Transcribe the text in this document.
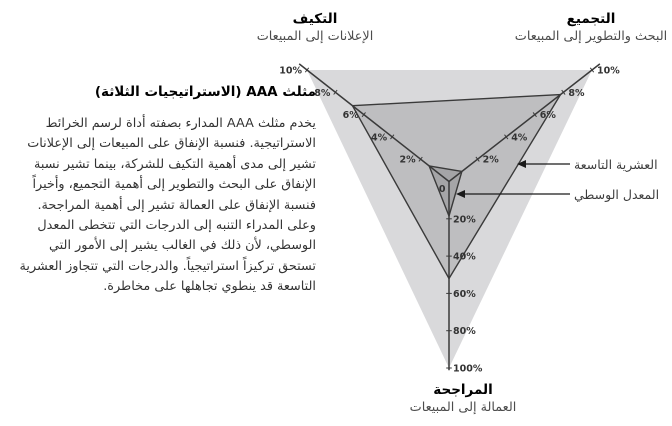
2%
4%
6%
8%
10%
2%
4%
6%
8%
10%
20%
40%
60%
80%
100%
0
مثلث AAA (الاستراتيجيات الثلاثة)
يخدم مثلث AAA المدارء بصفته أداة لرسم الخرائط الاستراتيجية. فنسبة الإنفاق على المبيعات إلى الإعلانات تشير إلى مدى أهمية التكيف للشركة، بينما تشير نسبة الإنفاق على البحث والتطوير إلى أهمية التجميع، وأخيراً فنسبة الإنفاق على العمالة تشير إلى أهمية المراجحة. وعلى المدراء التنبه إلى الدرجات التي تتخطى المعدل الوسطي، لأن ذلك في الغالب يشير إلى الأمور التي تستحق تركيزاً استراتيجياً. والدرجات التي تتجاوز العشرية التاسعة قد ينطوي تجاهلها على مخاطرة.
التكيف
الإعلانات إلى المبيعات
التجميع
البحث والتطوير إلى المبيعات
المراجحة
العمالة إلى المبيعات
العشرية التاسعة
المعدل الوسطي
